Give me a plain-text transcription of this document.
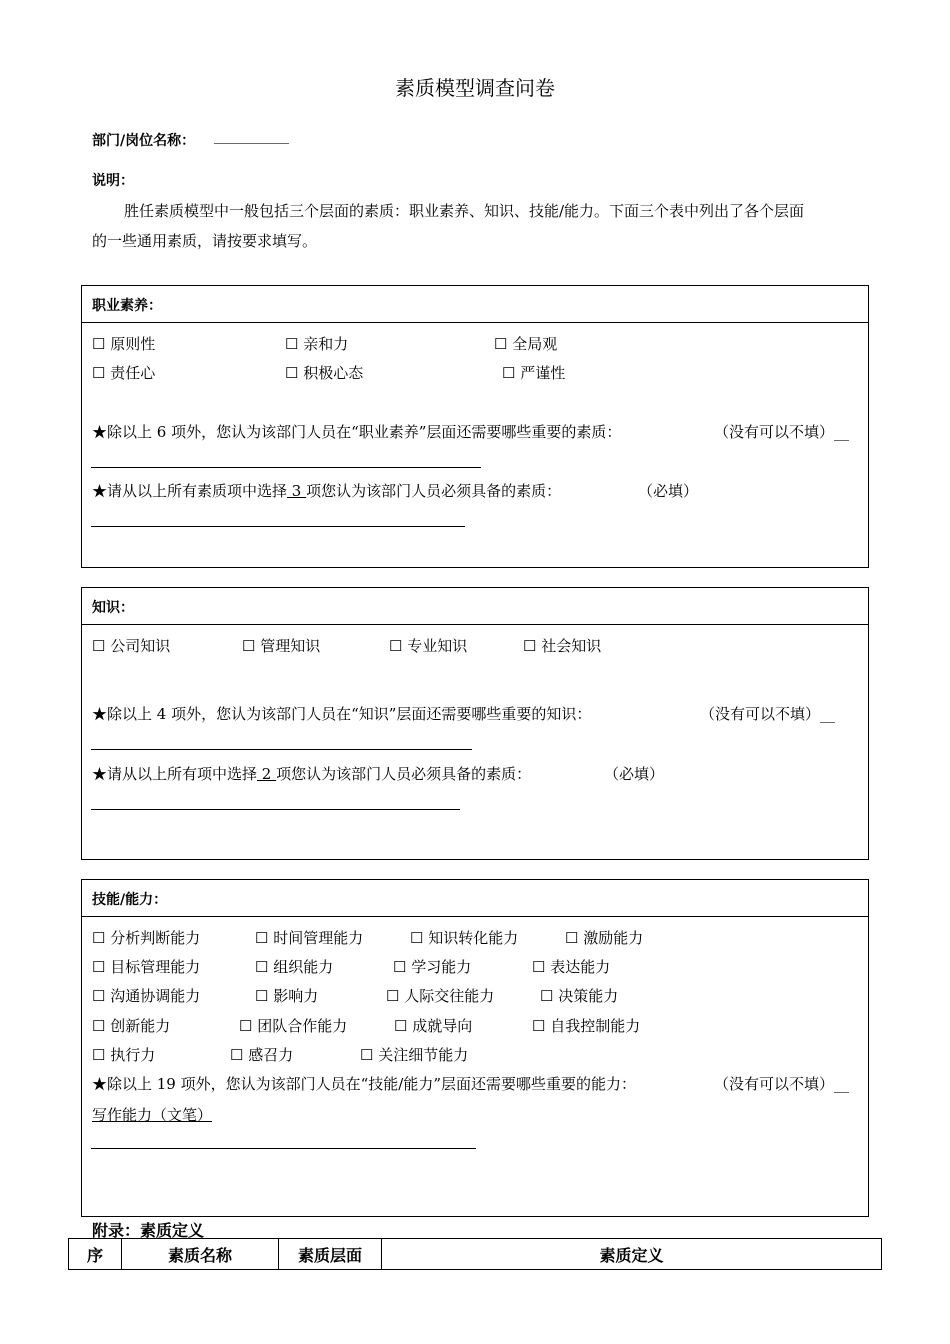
素质模型调查问卷
部门/岗位名称： __________
说明：
胜任素质模型中一般包括三个层面的素质：职业素养、知识、技能/能力。下面三个表中列出了各个层面
的一些通用素质，请按要求填写。
职业素养：
☐ 原则性	☐ 亲和力	☐ 全局观
☐ 责任心	☐ 积极心态	☐ 严谨性
★除以上 6 项外，您认为该部门人员在“职业素养”层面还需要哪些重要的素质：	（没有可以不填）__
★请从以上所有素质项中选择 3 项您认为该部门人员必须具备的素质：	（必填）
知识：
☐ 公司知识	☐ 管理知识	☐ 专业知识	☐ 社会知识
★除以上 4 项外，您认为该部门人员在“知识”层面还需要哪些重要的知识：	（没有可以不填）__
★请从以上所有项中选择 2 项您认为该部门人员必须具备的素质：	（必填）
技能/能力：
☐ 分析判断能力	☐ 时间管理能力	☐ 知识转化能力	☐ 激励能力
☐ 目标管理能力	☐ 组织能力	☐ 学习能力	☐ 表达能力
☐ 沟通协调能力	☐ 影响力	☐ 人际交往能力	☐ 决策能力
☐ 创新能力	☐ 团队合作能力	☐ 成就导向	☐ 自我控制能力
☐ 执行力	☐ 感召力	☐ 关注细节能力
★除以上 19 项外，您认为该部门人员在“技能/能力”层面还需要哪些重要的能力：	（没有可以不填）__
写作能力（文笔）
附录：素质定义
序	素质名称	素质层面	素质定义
